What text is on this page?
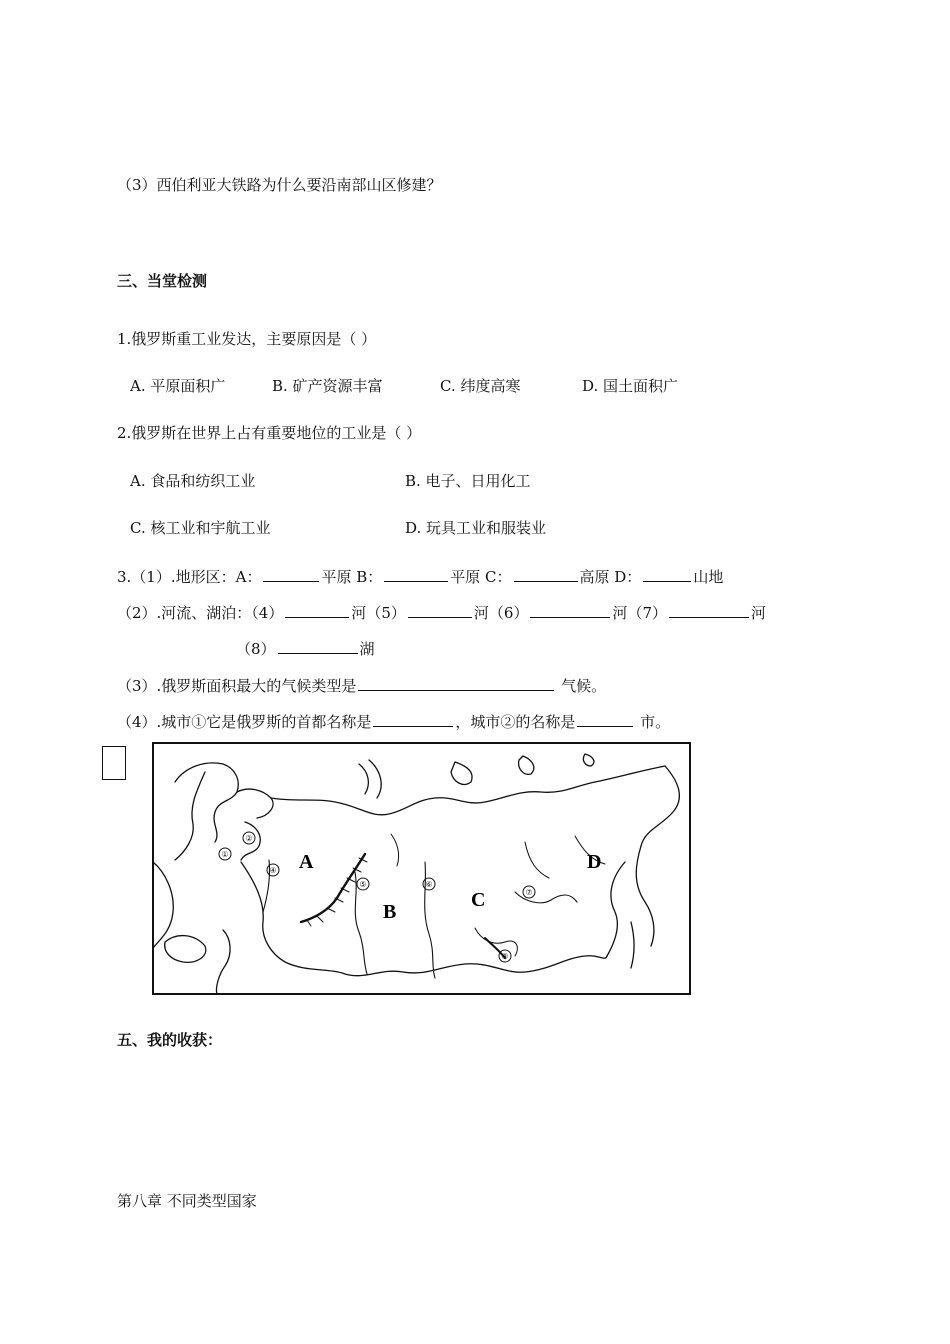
（3）西伯利亚大铁路为什么要沿南部山区修建？
三、当堂检测
1.俄罗斯重工业发达，主要原因是（ ）
A. 平原面积广	B. 矿产资源丰富	C. 纬度高寒	D. 国土面积广
2.俄罗斯在世界上占有重要地位的工业是（ ）
A. 食品和纺织工业	B. 电子、日用化工
C. 核工业和宇航工业	D. 玩具工业和服装业
3.（1）.地形区：A：	平原 B：	平原 C：	高原 D：	山地
（2）.河流、湖泊：（4）	河（5）	河（6）	河（7）	河
（8）	湖
（3）.俄罗斯面积最大的气候类型是	气候。
（4）.城市①它是俄罗斯的首都名称是	，城市②的名称是	市。
①
②
④
⑤	⑥
⑦
⑧
A
B
C
D
五、我的收获：
第八章 不同类型国家
